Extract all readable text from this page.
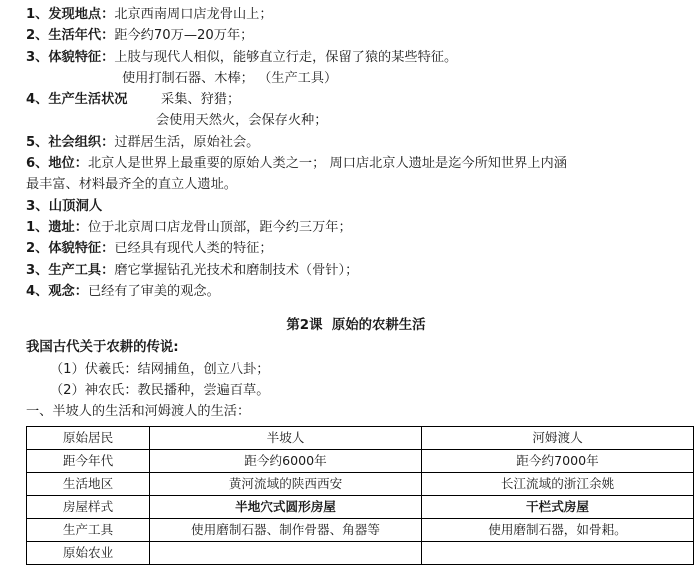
1、发现地点：北京西南周口店龙骨山上；
2、生活年代：距今约70万—20万年；
3、体貌特征：上肢与现代人相似，能够直立行走，保留了猿的某些特征。
使用打制石器、木棒； （生产工具）
4、生产生活状况        采集、狩猎；
会使用天然火，会保存火种；
5、社会组织：过群居生活，原始社会。
6、地位：北京人是世界上最重要的原始人类之一； 周口店北京人遗址是迄今所知世界上内涵
最丰富、材料最齐全的直立人遗址。
3、山顶洞人
1、遗址：位于北京周口店龙骨山顶部，距今约三万年；
2、体貌特征：已经具有现代人类的特征；
3、生产工具：磨它掌握钻孔光技术和磨制技术（骨针）；
4、观念：已经有了审美的观念。
第2课  原始的农耕生活
我国古代关于农耕的传说:
（1）伏羲氏：结网捕鱼，创立八卦；
（2）神农氏：教民播种，尝遍百草。
一、半坡人的生活和河姆渡人的生活：
原始居民	半坡人	河姆渡人
距今年代	距今约6000年	距今约7000年
生活地区	黄河流域的陕西西安	长江流域的浙江余姚
房屋样式	半地穴式圆形房屋	干栏式房屋
生产工具	使用磨制石器、制作骨器、角器等	使用磨制石器，如骨耜。
原始农业		
